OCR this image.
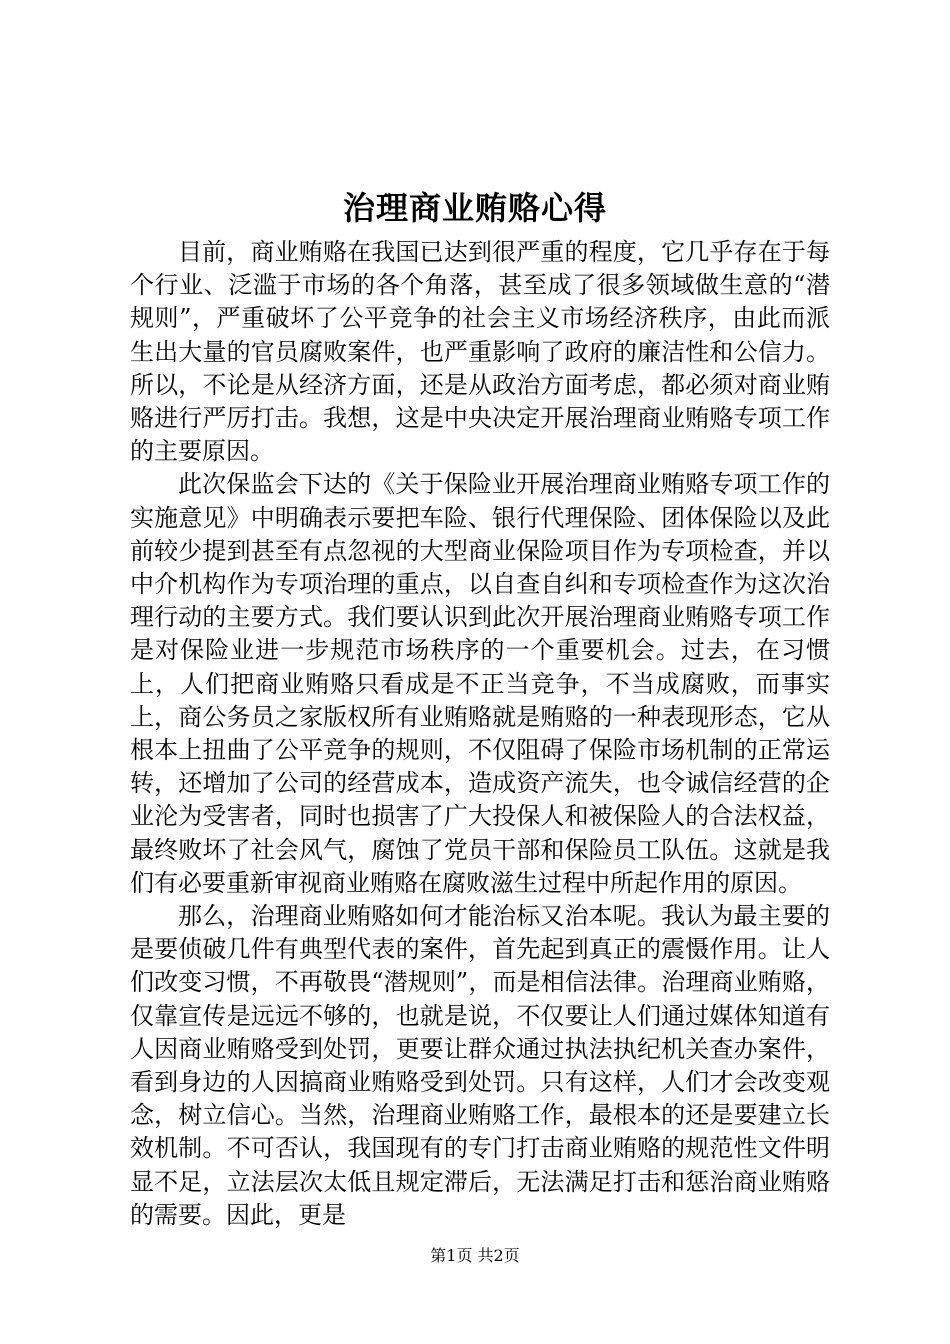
治理商业贿赂心得

目前，商业贿赂在我国已达到很严重的程度，它几乎存在于每个行业、泛滥于市场的各个角落，甚至成了很多领域做生意的“潜规则”，严重破坏了公平竞争的社会主义市场经济秩序，由此而派生出大量的官员腐败案件，也严重影响了政府的廉洁性和公信力。所以，不论是从经济方面，还是从政治方面考虑，都必须对商业贿赂进行严厉打击。我想，这是中央决定开展治理商业贿赂专项工作的主要原因。

此次保监会下达的《关于保险业开展治理商业贿赂专项工作的实施意见》中明确表示要把车险、银行代理保险、团体保险以及此前较少提到甚至有点忽视的大型商业保险项目作为专项检查，并以中介机构作为专项治理的重点，以自查自纠和专项检查作为这次治理行动的主要方式。我们要认识到此次开展治理商业贿赂专项工作是对保险业进一步规范市场秩序的一个重要机会。过去，在习惯上，人们把商业贿赂只看成是不正当竞争，不当成腐败，而事实上，商公务员之家版权所有业贿赂就是贿赂的一种表现形态，它从根本上扭曲了公平竞争的规则，不仅阻碍了保险市场机制的正常运转，还增加了公司的经营成本，造成资产流失，也令诚信经营的企业沦为受害者，同时也损害了广大投保人和被保险人的合法权益，最终败坏了社会风气，腐蚀了党员干部和保险员工队伍。这就是我们有必要重新审视商业贿赂在腐败滋生过程中所起作用的原因。

那么，治理商业贿赂如何才能治标又治本呢。我认为最主要的是要侦破几件有典型代表的案件，首先起到真正的震慑作用。让人们改变习惯，不再敬畏“潜规则”，而是相信法律。治理商业贿赂，仅靠宣传是远远不够的，也就是说，不仅要让人们通过媒体知道有人因商业贿赂受到处罚，更要让群众通过执法执纪机关查办案件，看到身边的人因搞商业贿赂受到处罚。只有这样，人们才会改变观念，树立信心。当然，治理商业贿赂工作，最根本的还是要建立长效机制。不可否认，我国现有的专门打击商业贿赂的规范性文件明显不足，立法层次太低且规定滞后，无法满足打击和惩治商业贿赂的需要。因此，更是

第1页 共2页
